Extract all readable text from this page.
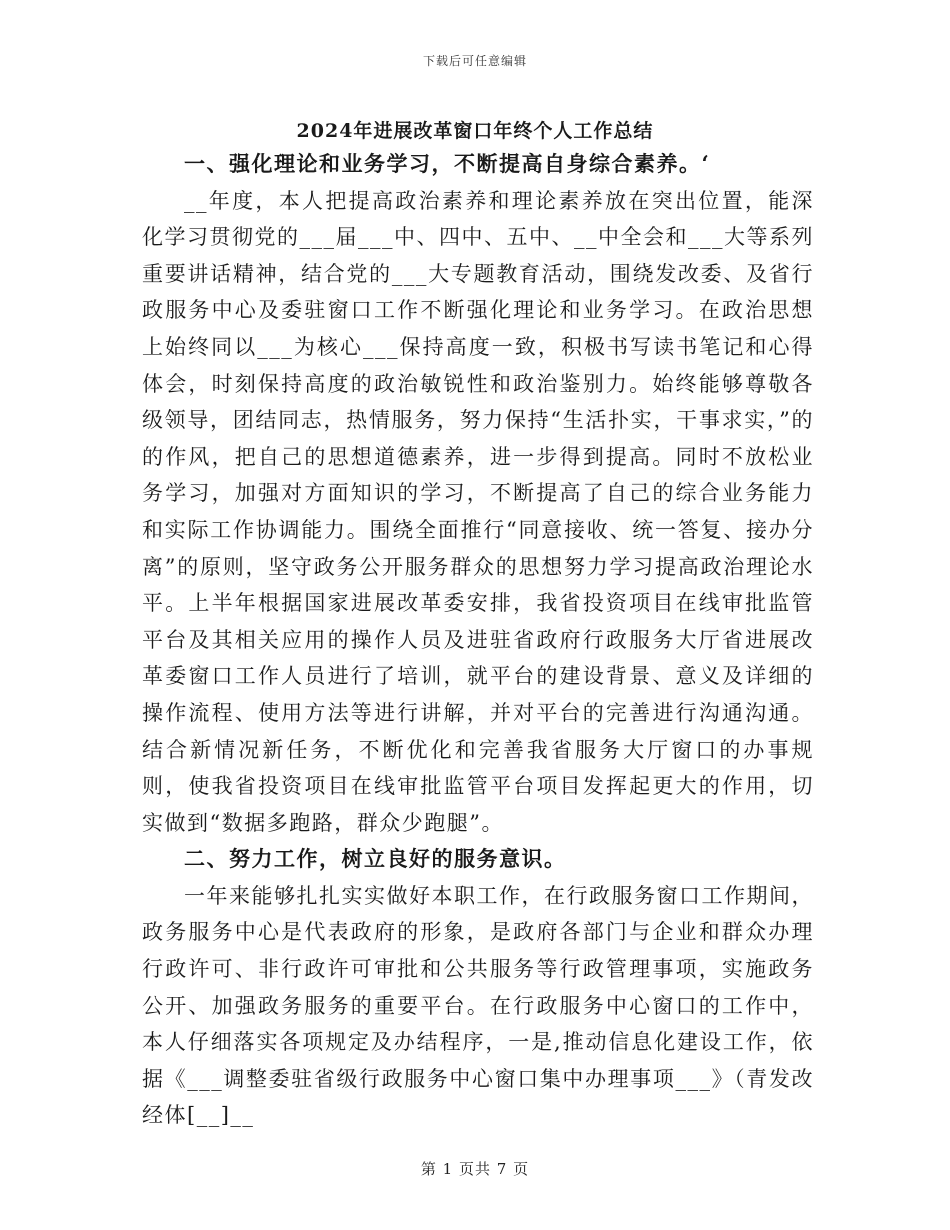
下载后可任意编辑
2024年进展改革窗口年终个人工作总结

一、强化理论和业务学习，不断提高自身综合素养。‘

__年度，本人把提高政治素养和理论素养放在突出位置，能深化学习贯彻党的___届___中、四中、五中、__中全会和___大等系列重要讲话精神，结合党的___大专题教育活动，围绕发改委、及省行政服务中心及委驻窗口工作不断强化理论和业务学习。在政治思想上始终同以___为核心___保持高度一致，积极书写读书笔记和心得体会，时刻保持高度的政治敏锐性和政治鉴别力。始终能够尊敬各级领导，团结同志，热情服务，努力保持“生活扑实，干事求实，”的的作风，把自己的思想道德素养，进一步得到提高。同时不放松业务学习，加强对方面知识的学习，不断提高了自己的综合业务能力和实际工作协调能力。围绕全面推行“同意接收、统一答复、接办分离”的原则，坚守政务公开服务群众的思想努力学习提高政治理论水平。上半年根据国家进展改革委安排，我省投资项目在线审批监管平台及其相关应用的操作人员及进驻省政府行政服务大厅省进展改革委窗口工作人员进行了培训，就平台的建设背景、意义及详细的操作流程、使用方法等进行讲解，并对平台的完善进行沟通沟通。结合新情况新任务，不断优化和完善我省服务大厅窗口的办事规则，使我省投资项目在线审批监管平台项目发挥起更大的作用，切实做到“数据多跑路，群众少跑腿”。

二、努力工作，树立良好的服务意识。

一年来能够扎扎实实做好本职工作，在行政服务窗口工作期间，政务服务中心是代表政府的形象，是政府各部门与企业和群众办理行政许可、非行政许可审批和公共服务等行政管理事项，实施政务公开、加强政务服务的重要平台。在行政服务中心窗口的工作中，本人仔细落实各项规定及办结程序，一是,推动信息化建设工作，依据《___调整委驻省级行政服务中心窗口集中办理事项___》（青发改经体[__]__

第 1 页共 7 页
